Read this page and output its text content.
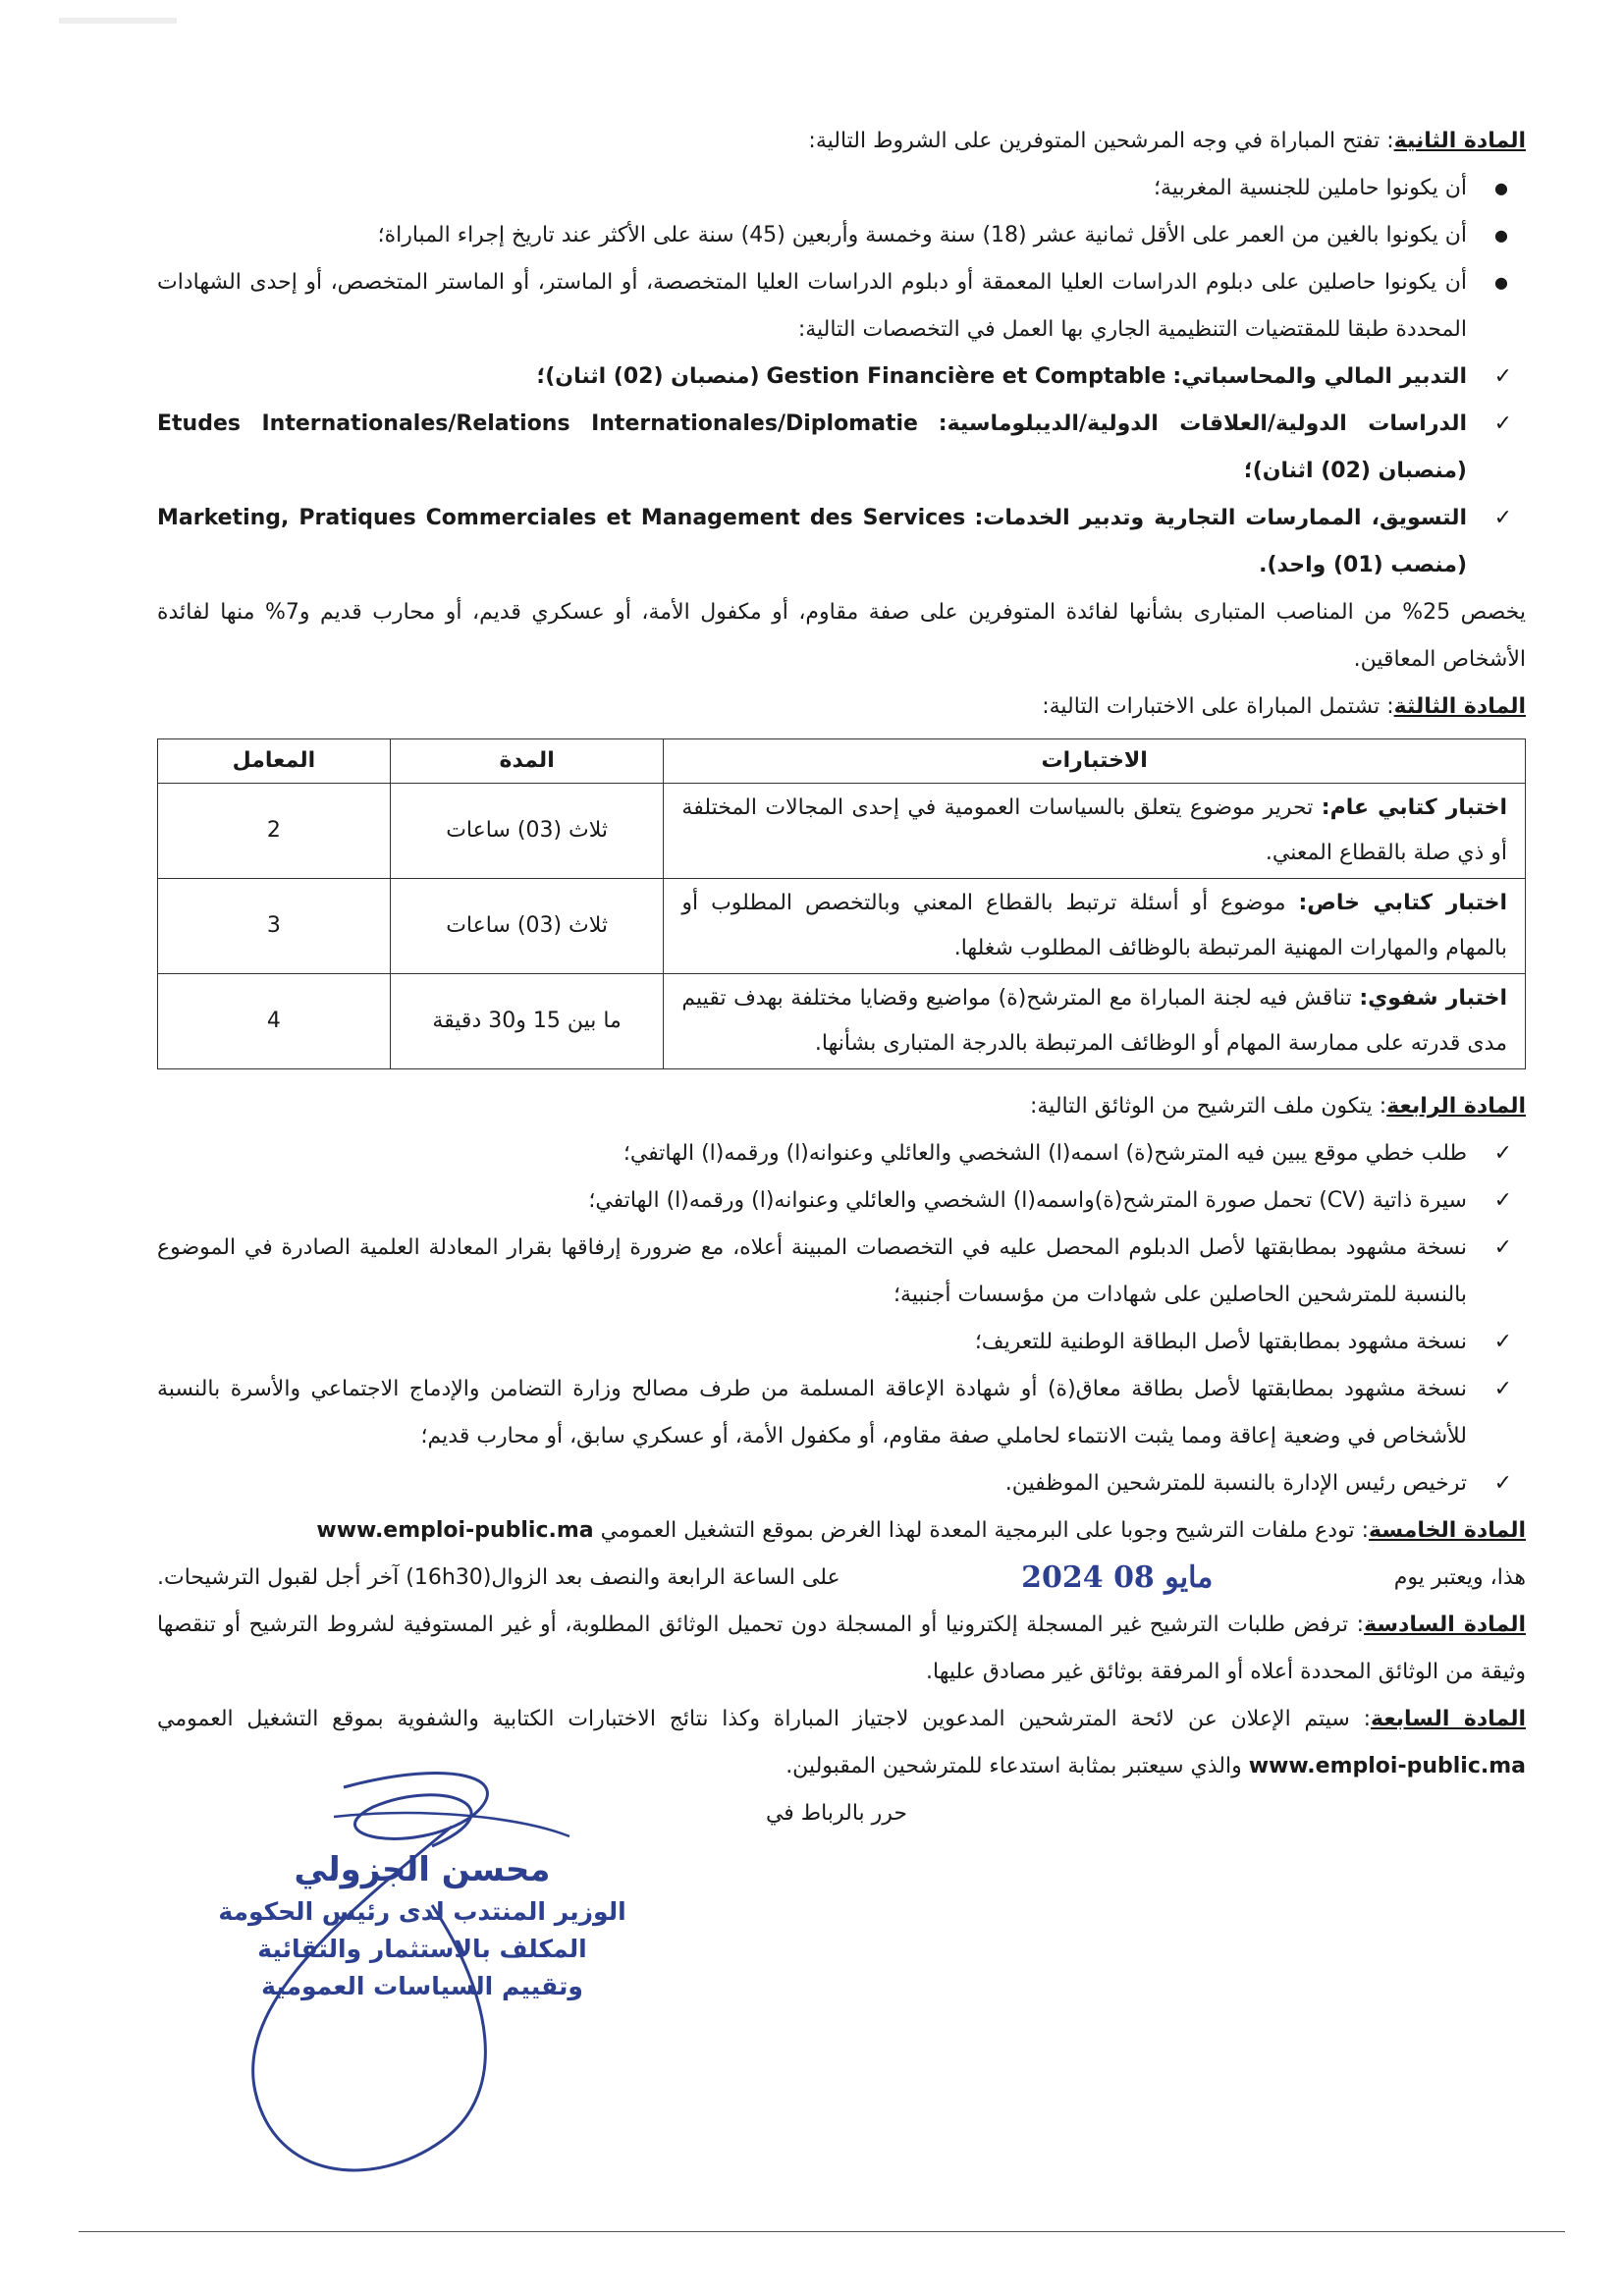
المادة الثانية: تفتح المباراة في وجه المرشحين المتوفرين على الشروط التالية:

●
أن يكونوا حاملين للجنسية المغربية؛
●
أن يكونوا بالغين من العمر على الأقل ثمانية عشر (18) سنة وخمسة وأربعين (45) سنة على الأكثر عند تاريخ إجراء المباراة؛
●
أن يكونوا حاصلين على دبلوم الدراسات العليا المعمقة أو دبلوم الدراسات العليا المتخصصة، أو الماستر، أو الماستر المتخصص، أو إحدى الشهادات المحددة طبقا للمقتضيات التنظيمية الجاري بها العمل في التخصصات التالية:
✓
التدبير المالي والمحاسباتي: Gestion Financière et Comptable (منصبان (02) اثنان)؛
✓
الدراسات الدولية/العلاقات الدولية/الديبلوماسية: Etudes Internationales/Relations Internationales/Diplomatie (منصبان (02) اثنان)؛
✓
التسويق، الممارسات التجارية وتدبير الخدمات: Marketing, Pratiques Commerciales et Management des Services (منصب (01) واحد).

يخصص 25% من المناصب المتبارى بشأنها لفائدة المتوفرين على صفة مقاوم، أو مكفول الأمة، أو عسكري قديم، أو محارب قديم و7% منها لفائدة الأشخاص المعاقين.

المادة الثالثة: تشتمل المباراة على الاختبارات التالية:

الاختبارات	المدة	المعامل
اختبار كتابي عام: تحرير موضوع يتعلق بالسياسات العمومية في إحدى المجالات المختلفة أو ذي صلة بالقطاع المعني.	ثلاث (03) ساعات	2
اختبار كتابي خاص: موضوع أو أسئلة ترتبط بالقطاع المعني وبالتخصص المطلوب أو بالمهام والمهارات المهنية المرتبطة بالوظائف المطلوب شغلها.	ثلاث (03) ساعات	3
اختبار شفوي: تناقش فيه لجنة المباراة مع المترشح(ة) مواضيع وقضايا مختلفة بهدف تقييم مدى قدرته على ممارسة المهام أو الوظائف المرتبطة بالدرجة المتبارى بشأنها.	ما بين 15 و30 دقيقة	4

المادة الرابعة: يتكون ملف الترشيح من الوثائق التالية:

✓
طلب خطي موقع يبين فيه المترشح(ة) اسمه(ا) الشخصي والعائلي وعنوانه(ا) ورقمه(ا) الهاتفي؛
✓
سيرة ذاتية (CV) تحمل صورة المترشح(ة)واسمه(ا) الشخصي والعائلي وعنوانه(ا) ورقمه(ا) الهاتفي؛
✓
نسخة مشهود بمطابقتها لأصل الدبلوم المحصل عليه في التخصصات المبينة أعلاه، مع ضرورة إرفاقها بقرار المعادلة العلمية الصادرة في الموضوع بالنسبة للمترشحين الحاصلين على شهادات من مؤسسات أجنبية؛
✓
نسخة مشهود بمطابقتها لأصل البطاقة الوطنية للتعريف؛
✓
نسخة مشهود بمطابقتها لأصل بطاقة معاق(ة) أو شهادة الإعاقة المسلمة من طرف مصالح وزارة التضامن والإدماج الاجتماعي والأسرة بالنسبة للأشخاص في وضعية إعاقة ومما يثبت الانتماء لحاملي صفة مقاوم، أو مكفول الأمة، أو عسكري سابق، أو محارب قديم؛
✓
ترخيص رئيس الإدارة بالنسبة للمترشحين الموظفين.

المادة الخامسة: تودع ملفات الترشيح وجوبا على البرمجية المعدة لهذا الغرض بموقع التشغيل العمومي www.emploi-public.ma

هذا، ويعتبر يوم
2024 مايو 08
على الساعة الرابعة والنصف بعد الزوال(16h30) آخر أجل لقبول الترشيحات.

المادة السادسة: ترفض طلبات الترشيح غير المسجلة إلكترونيا أو المسجلة دون تحميل الوثائق المطلوبة، أو غير المستوفية لشروط الترشيح أو تنقصها وثيقة من الوثائق المحددة أعلاه أو المرفقة بوثائق غير مصادق عليها.

المادة السابعة: سيتم الإعلان عن لائحة المترشحين المدعوين لاجتياز المباراة وكذا نتائج الاختبارات الكتابية والشفوية بموقع التشغيل العمومي www.emploi-public.ma والذي سيعتبر بمثابة استدعاء للمترشحين المقبولين.

حرر بالرباط في

محسن الجزولي
الوزير المنتدب لدى رئيس الحكومة
المكلف بالاستثمار والتقائية
وتقييم السياسات العمومية
